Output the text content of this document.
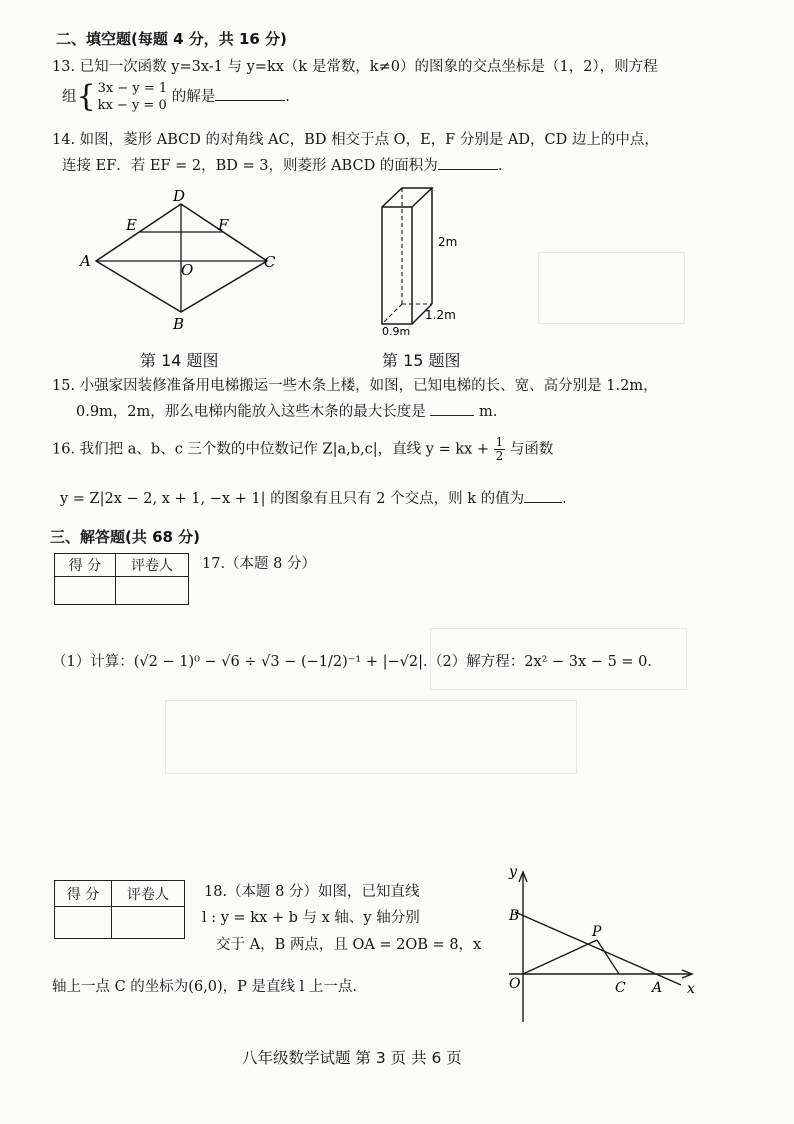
二、填空题(每题 4 分，共 16 分)
13. 已知一次函数 y=3x-1 与 y=kx（k 是常数，k≠0）的图象的交点坐标是（1，2），则方程
组{ 3x − y = 1
kx − y = 0 的解是	.
14. 如图，菱形 ABCD 的对角线 AC，BD 相交于点 O，E，F 分别是 AD，CD 边上的中点，
连接 EF．若 EF = 2，BD = 3，则菱形 ABCD 的面积为	.
D
E	F
A	C
O
B
第 14 题图
2m
1.2m
0.9m
第 15 题图
15. 小强家因装修准备用电梯搬运一些木条上楼，如图，已知电梯的长、宽、高分别是 1.2m，
0.9m，2m，那么电梯内能放入这些木条的最大长度是	m.
16. 我们把 a、b、c 三个数的中位数记作 Z|a,b,c|，直线 y = kx + $\frac{1}{2}$ 与函数
y = Z|2x − 2, x + 1, −x + 1| 的图象有且只有 2 个交点，则 k 的值为	.
三、解答题(共 68 分)
得 分	评卷人
	17.（本题 8 分）
（1）计算：(√2 − 1)⁰ − √6 ÷ √3 − (−1/2)⁻¹ + |−√2|．
（2）解方程：2x² − 3x − 5 = 0．
得 分	评卷人
	18.（本题 8 分）如图，已知直线
l : y = kx + b 与 x 轴、y 轴分别
交于 A，B 两点，且 OA = 2OB = 8，x
轴上一点 C 的坐标为(6,0)，P 是直线 l 上一点.
y
x
B
P
O	C A
八年级数学试题 第 3 页 共 6 页
